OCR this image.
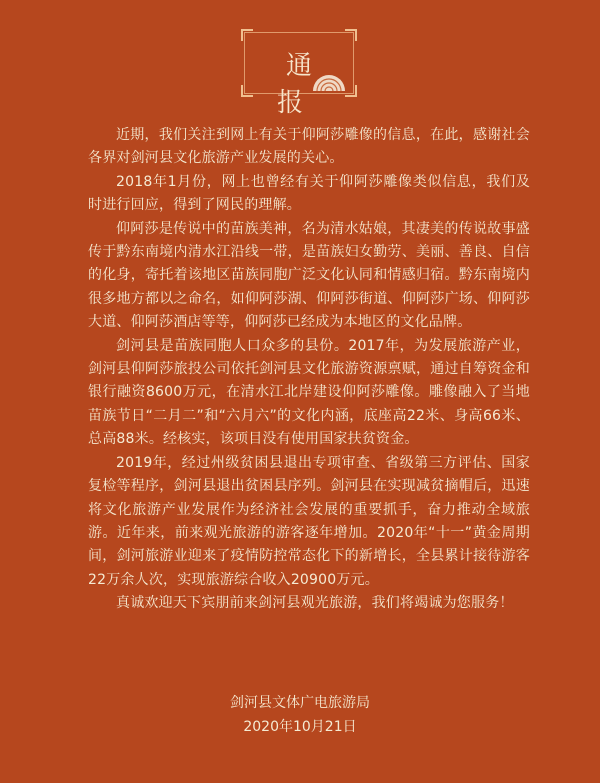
通 报

近期，我们关注到网上有关于仰阿莎雕像的信息，在此，感谢社会各界对剑河县文化旅游产业发展的关心。

2018年1月份，网上也曾经有关于仰阿莎雕像类似信息，我们及时进行回应，得到了网民的理解。

仰阿莎是传说中的苗族美神，名为清水姑娘，其凄美的传说故事盛传于黔东南境内清水江沿线一带，是苗族妇女勤劳、美丽、善良、自信的化身，寄托着该地区苗族同胞广泛文化认同和情感归宿。黔东南境内很多地方都以之命名，如仰阿莎湖、仰阿莎街道、仰阿莎广场、仰阿莎大道、仰阿莎酒店等等，仰阿莎已经成为本地区的文化品牌。

剑河县是苗族同胞人口众多的县份。2017年，为发展旅游产业，剑河县仰阿莎旅投公司依托剑河县文化旅游资源禀赋，通过自筹资金和银行融资8600万元，在清水江北岸建设仰阿莎雕像。雕像融入了当地苗族节日“二月二”和“六月六”的文化内涵，底座高22米、身高66米、总高88米。经核实，该项目没有使用国家扶贫资金。

2019年，经过州级贫困县退出专项审查、省级第三方评估、国家复检等程序，剑河县退出贫困县序列。剑河县在实现减贫摘帽后，迅速将文化旅游产业发展作为经济社会发展的重要抓手，奋力推动全域旅游。近年来，前来观光旅游的游客逐年增加。2020年“十一”黄金周期间，剑河旅游业迎来了疫情防控常态化下的新增长，全县累计接待游客22万余人次，实现旅游综合收入20900万元。

真诚欢迎天下宾朋前来剑河县观光旅游，我们将竭诚为您服务！

剑河县文体广电旅游局
2020年10月21日
